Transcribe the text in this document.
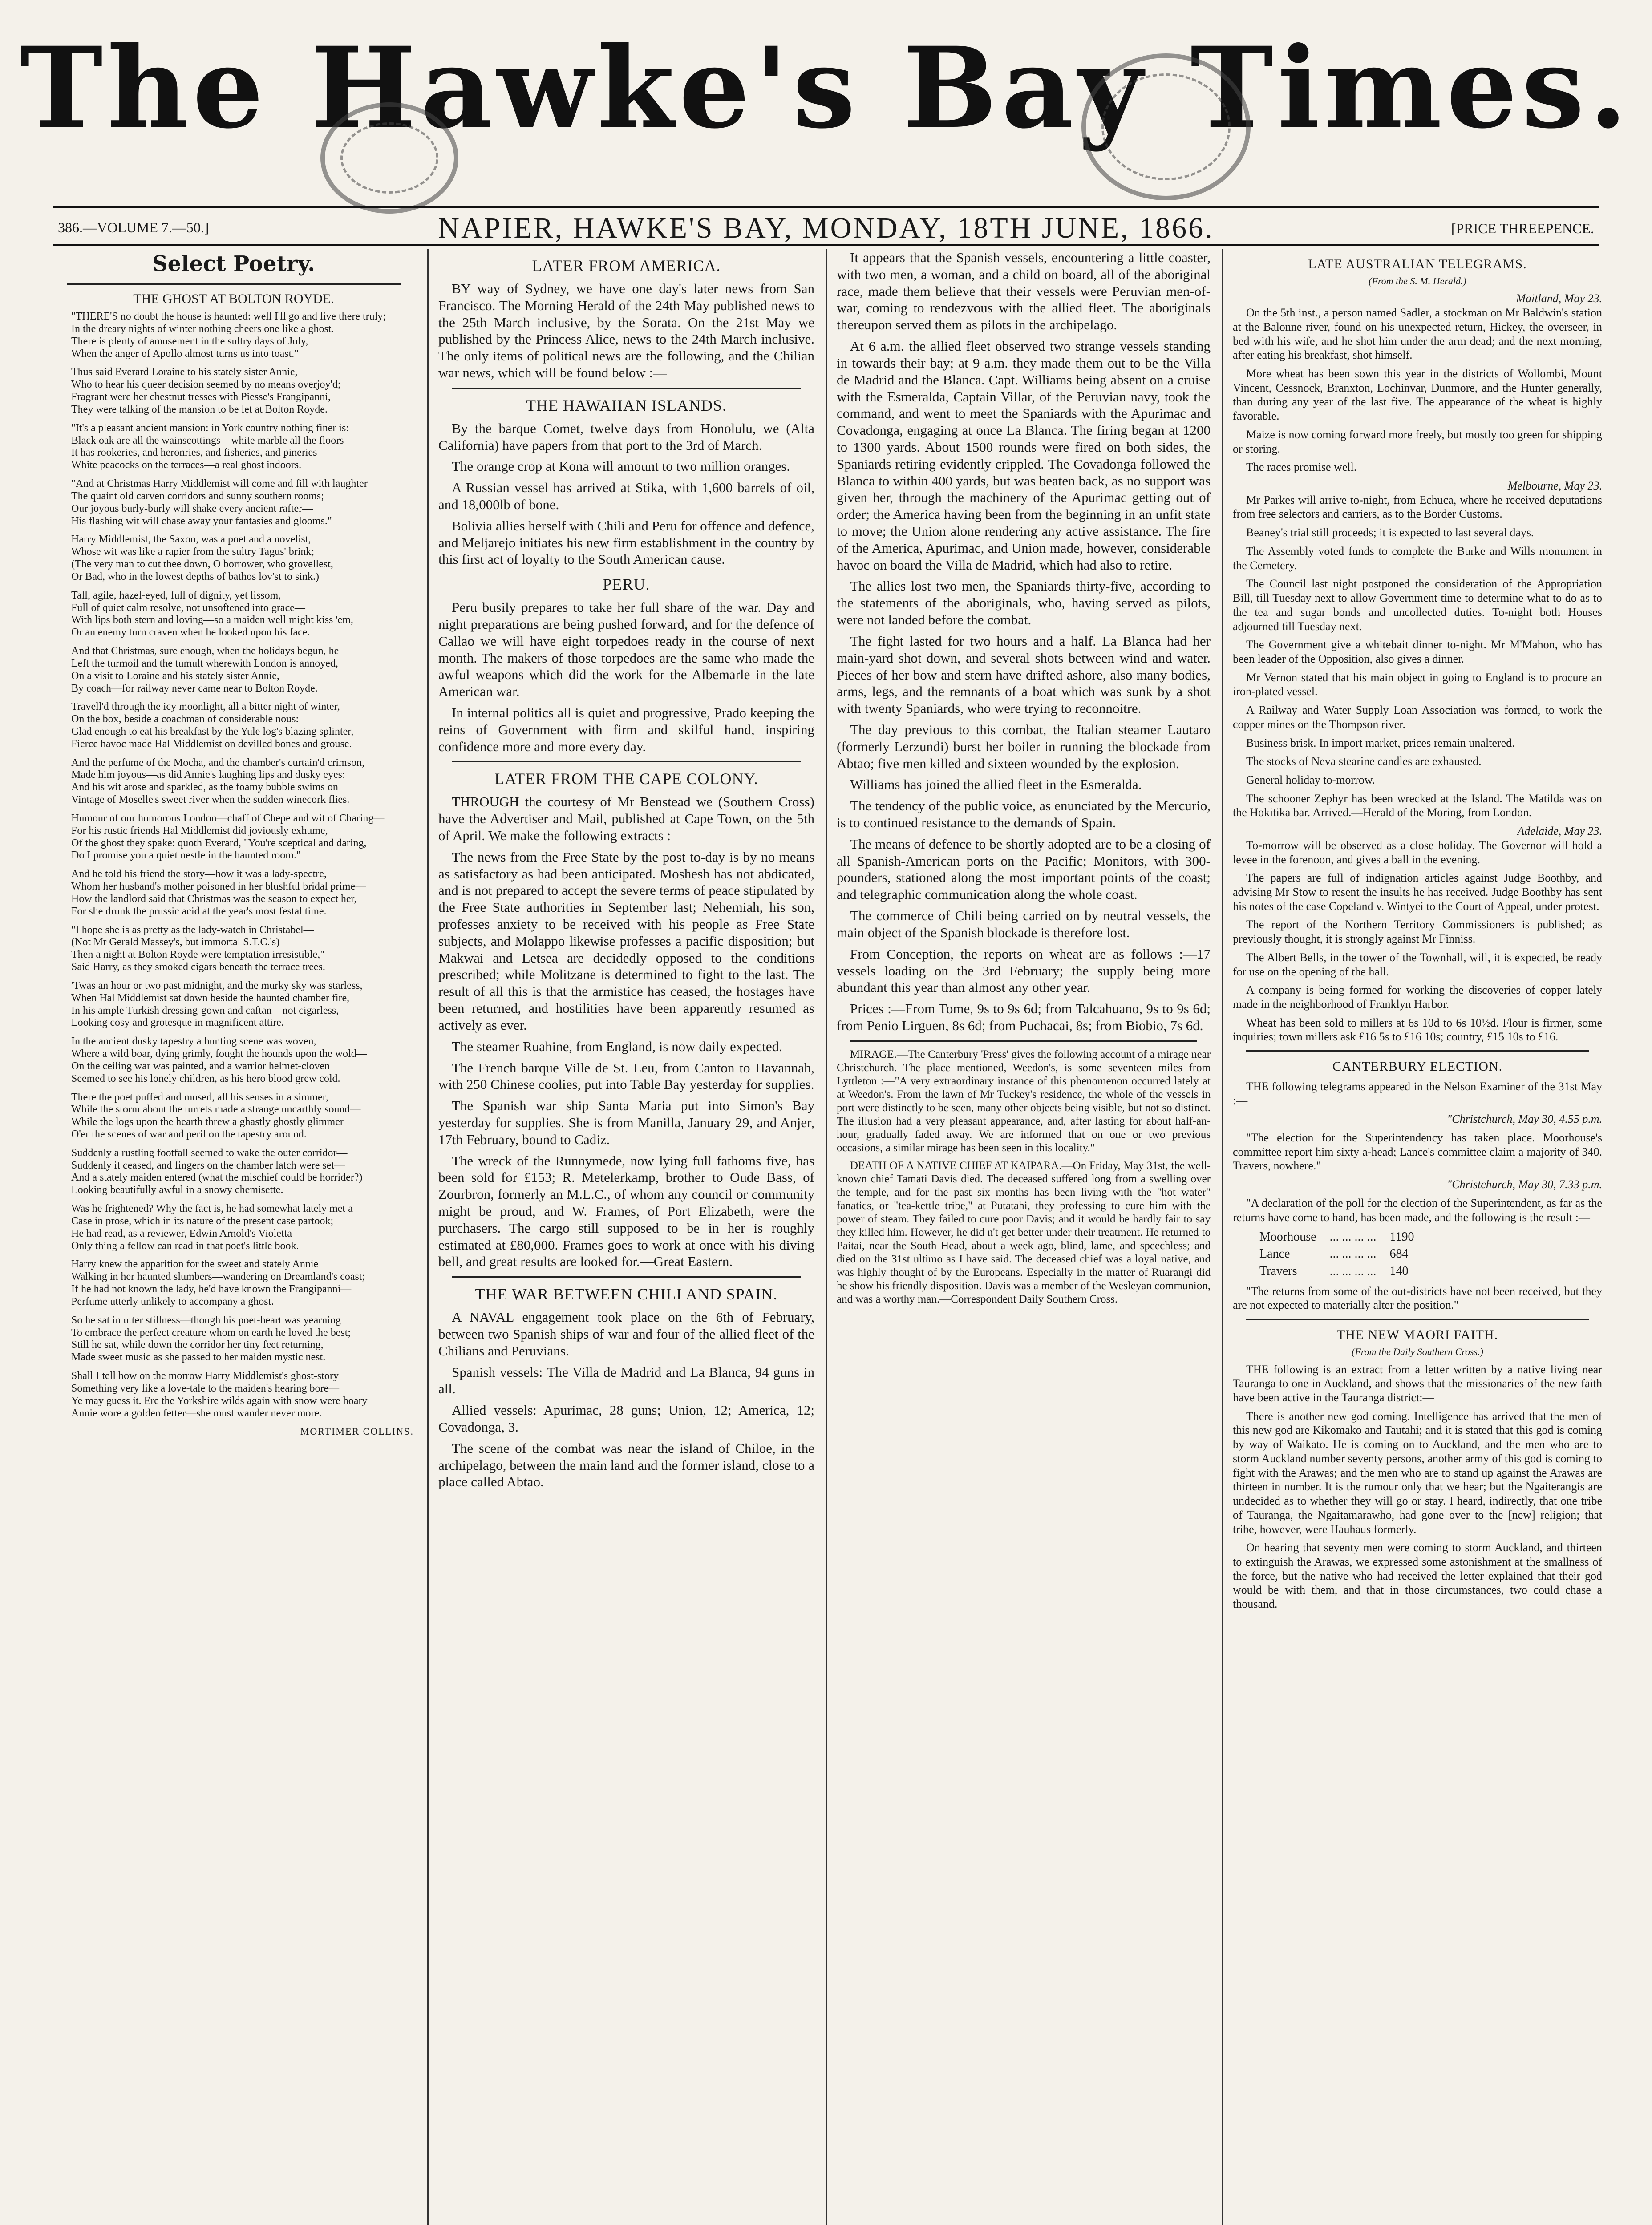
The Hawke's Bay Times.
386.—VOLUME 7.—50.]	NAPIER, HAWKE'S BAY, MONDAY, 18TH JUNE, 1866.	[PRICE THREEPENCE.
Select Poetry.
THE GHOST AT BOLTON ROYDE.
"THERE'S no doubt the house is haunted: well I'll go and live there truly;
In the dreary nights of winter nothing cheers one like a ghost.
There is plenty of amusement in the sultry days of July,
When the anger of Apollo almost turns us into toast."
Thus said Everard Loraine to his stately sister Annie,
Who to hear his queer decision seemed by no means overjoy'd;
Fragrant were her chestnut tresses with Piesse's Frangipanni,
They were talking of the mansion to be let at Bolton Royde.
"It's a pleasant ancient mansion: in York country nothing finer is:
Black oak are all the wainscottings—white marble all the floors—
It has rookeries, and heronries, and fisheries, and pineries—
White peacocks on the terraces—a real ghost indoors.
"And at Christmas Harry Middlemist will come and fill with laughter
The quaint old carven corridors and sunny southern rooms;
Our joyous burly-burly will shake every ancient rafter—
His flashing wit will chase away your fantasies and glooms."
Harry Middlemist, the Saxon, was a poet and a novelist,
Whose wit was like a rapier from the sultry Tagus' brink;
(The very man to cut thee down, O borrower, who grovellest,
Or Bad, who in the lowest depths of bathos lov'st to sink.)
Tall, agile, hazel-eyed, full of dignity, yet lissom,
Full of quiet calm resolve, not unsoftened into grace—
With lips both stern and loving—so a maiden well might kiss 'em,
Or an enemy turn craven when he looked upon his face.
And that Christmas, sure enough, when the holidays begun, he
Left the turmoil and the tumult wherewith London is annoyed,
On a visit to Loraine and his stately sister Annie,
By coach—for railway never came near to Bolton Royde.
Travell'd through the icy moonlight, all a bitter night of winter,
On the box, beside a coachman of considerable nous:
Glad enough to eat his breakfast by the Yule log's blazing splinter,
Fierce havoc made Hal Middlemist on devilled bones and grouse.
And the perfume of the Mocha, and the chamber's curtain'd crimson,
Made him joyous—as did Annie's laughing lips and dusky eyes:
And his wit arose and sparkled, as the foamy bubble swims on
Vintage of Moselle's sweet river when the sudden winecork flies.
Humour of our humorous London—chaff of Chepe and wit of Charing—
For his rustic friends Hal Middlemist did joviously exhume,
Of the ghost they spake: quoth Everard, "You're sceptical and daring,
Do I promise you a quiet nestle in the haunted room."
And he told his friend the story—how it was a lady-spectre,
Whom her husband's mother poisoned in her blushful bridal prime—
How the landlord said that Christmas was the season to expect her,
For she drunk the prussic acid at the year's most festal time.
"I hope she is as pretty as the lady-watch in Christabel—
(Not Mr Gerald Massey's, but immortal S.T.C.'s)
Then a night at Bolton Royde were temptation irresistible,"
Said Harry, as they smoked cigars beneath the terrace trees.
'Twas an hour or two past midnight, and the murky sky was starless,
When Hal Middlemist sat down beside the haunted chamber fire,
In his ample Turkish dressing-gown and caftan—not cigarless,
Looking cosy and grotesque in magnificent attire.
In the ancient dusky tapestry a hunting scene was woven,
Where a wild boar, dying grimly, fought the hounds upon the wold—
On the ceiling war was painted, and a warrior helmet-cloven
Seemed to see his lonely children, as his hero blood grew cold.
There the poet puffed and mused, all his senses in a simmer,
While the storm about the turrets made a strange uncarthly sound—
While the logs upon the hearth threw a ghastly ghostly glimmer
O'er the scenes of war and peril on the tapestry around.
Suddenly a rustling footfall seemed to wake the outer corridor—
Suddenly it ceased, and fingers on the chamber latch were set—
And a stately maiden entered (what the mischief could be horrider?)
Looking beautifully awful in a snowy chemisette.
Was he frightened? Why the fact is, he had somewhat lately met a
Case in prose, which in its nature of the present case partook;
He had read, as a reviewer, Edwin Arnold's Violetta—
Only thing a fellow can read in that poet's little book.
Harry knew the apparition for the sweet and stately Annie
Walking in her haunted slumbers—wandering on Dreamland's coast;
If he had not known the lady, he'd have known the Frangipanni—
Perfume utterly unlikely to accompany a ghost.
So he sat in utter stillness—though his poet-heart was yearning
To embrace the perfect creature whom on earth he loved the best;
Still he sat, while down the corridor her tiny feet returning,
Made sweet music as she passed to her maiden mystic nest.
Shall I tell how on the morrow Harry Middlemist's ghost-story
Something very like a love-tale to the maiden's hearing bore—
Ye may guess it. Ere the Yorkshire wilds again with snow were hoary
Annie wore a golden fetter—she must wander never more.
MORTIMER COLLINS.
LATER FROM AMERICA.
BY way of Sydney, we have one day's later news from San Francisco. The Morning Herald of the 24th May published news to the 25th March inclusive, by the Sorata. On the 21st May we published by the Princess Alice, news to the 24th March inclusive. The only items of political news are the following, and the Chilian war news, which will be found below :—
THE HAWAIIAN ISLANDS.
By the barque Comet, twelve days from Honolulu, we (Alta California) have papers from that port to the 3rd of March.
The orange crop at Kona will amount to two million oranges.
A Russian vessel has arrived at Stika, with 1,600 barrels of oil, and 18,000lb of bone.
Bolivia allies herself with Chili and Peru for offence and defence, and Meljarejo initiates his new firm establishment in the country by this first act of loyalty to the South American cause.
PERU.
Peru busily prepares to take her full share of the war. Day and night preparations are being pushed forward, and for the defence of Callao we will have eight torpedoes ready in the course of next month. The makers of those torpedoes are the same who made the awful weapons which did the work for the Albemarle in the late American war.
In internal politics all is quiet and progressive, Prado keeping the reins of Government with firm and skilful hand, inspiring confidence more and more every day.
LATER FROM THE CAPE COLONY.
THROUGH the courtesy of Mr Benstead we (Southern Cross) have the Advertiser and Mail, published at Cape Town, on the 5th of April. We make the following extracts :—
The news from the Free State by the post to-day is by no means as satisfactory as had been anticipated. Moshesh has not abdicated, and is not prepared to accept the severe terms of peace stipulated by the Free State authorities in September last; Nehemiah, his son, professes anxiety to be received with his people as Free State subjects, and Molappo likewise professes a pacific disposition; but Makwai and Letsea are decidedly opposed to the conditions prescribed; while Molitzane is determined to fight to the last. The result of all this is that the armistice has ceased, the hostages have been returned, and hostilities have been apparently resumed as actively as ever.
The steamer Ruahine, from England, is now daily expected.
The French barque Ville de St. Leu, from Canton to Havannah, with 250 Chinese coolies, put into Table Bay yesterday for supplies.
The Spanish war ship Santa Maria put into Simon's Bay yesterday for supplies. She is from Manilla, January 29, and Anjer, 17th February, bound to Cadiz.
The wreck of the Runnymede, now lying full fathoms five, has been sold for £153; R. Metelerkamp, brother to Oude Bass, of Zourbron, formerly an M.L.C., of whom any council or community might be proud, and W. Frames, of Port Elizabeth, were the purchasers. The cargo still supposed to be in her is roughly estimated at £80,000. Frames goes to work at once with his diving bell, and great results are looked for.—Great Eastern.
THE WAR BETWEEN CHILI AND SPAIN.
A NAVAL engagement took place on the 6th of February, between two Spanish ships of war and four of the allied fleet of the Chilians and Peruvians.
Spanish vessels: The Villa de Madrid and La Blanca, 94 guns in all.
Allied vessels: Apurimac, 28 guns; Union, 12; America, 12; Covadonga, 3.
The scene of the combat was near the island of Chiloe, in the archipelago, between the main land and the former island, close to a place called Abtao.
It appears that the Spanish vessels, encountering a little coaster, with two men, a woman, and a child on board, all of the aboriginal race, made them believe that their vessels were Peruvian men-of-war, coming to rendezvous with the allied fleet. The aboriginals thereupon served them as pilots in the archipelago.
At 6 a.m. the allied fleet observed two strange vessels standing in towards their bay; at 9 a.m. they made them out to be the Villa de Madrid and the Blanca. Capt. Williams being absent on a cruise with the Esmeralda, Captain Villar, of the Peruvian navy, took the command, and went to meet the Spaniards with the Apurimac and Covadonga, engaging at once La Blanca. The firing began at 1200 to 1300 yards. About 1500 rounds were fired on both sides, the Spaniards retiring evidently crippled. The Covadonga followed the Blanca to within 400 yards, but was beaten back, as no support was given her, through the machinery of the Apurimac getting out of order; the America having been from the beginning in an unfit state to move; the Union alone rendering any active assistance. The fire of the America, Apurimac, and Union made, however, considerable havoc on board the Villa de Madrid, which had also to retire.
The allies lost two men, the Spaniards thirty-five, according to the statements of the aboriginals, who, having served as pilots, were not landed before the combat.
The fight lasted for two hours and a half. La Blanca had her main-yard shot down, and several shots between wind and water. Pieces of her bow and stern have drifted ashore, also many bodies, arms, legs, and the remnants of a boat which was sunk by a shot with twenty Spaniards, who were trying to reconnoitre.
The day previous to this combat, the Italian steamer Lautaro (formerly Lerzundi) burst her boiler in running the blockade from Abtao; five men killed and sixteen wounded by the explosion.
Williams has joined the allied fleet in the Esmeralda.
The tendency of the public voice, as enunciated by the Mercurio, is to continued resistance to the demands of Spain.
The means of defence to be shortly adopted are to be a closing of all Spanish-American ports on the Pacific; Monitors, with 300-pounders, stationed along the most important points of the coast; and telegraphic communication along the whole coast.
The commerce of Chili being carried on by neutral vessels, the main object of the Spanish blockade is therefore lost.
From Conception, the reports on wheat are as follows :—17 vessels loading on the 3rd February; the supply being more abundant this year than almost any other year.
Prices :—From Tome, 9s to 9s 6d; from Talcahuano, 9s to 9s 6d; from Penio Lirguen, 8s 6d; from Puchacai, 8s; from Biobio, 7s 6d.
MIRAGE.—The Canterbury 'Press' gives the following account of a mirage near Christchurch. The place mentioned, Weedon's, is some seventeen miles from Lyttleton :—"A very extraordinary instance of this phenomenon occurred lately at at Weedon's. From the lawn of Mr Tuckey's residence, the whole of the vessels in port were distinctly to be seen, many other objects being visible, but not so distinct. The illusion had a very pleasant appearance, and, after lasting for about half-an-hour, gradually faded away. We are informed that on one or two previous occasions, a similar mirage has been seen in this locality."
DEATH OF A NATIVE CHIEF AT KAIPARA.—On Friday, May 31st, the well-known chief Tamati Davis died. The deceased suffered long from a swelling over the temple, and for the past six months has been living with the "hot water" fanatics, or "tea-kettle tribe," at Putatahi, they professing to cure him with the power of steam. They failed to cure poor Davis; and it would be hardly fair to say they killed him. However, he did n't get better under their treatment. He returned to Paitai, near the South Head, about a week ago, blind, lame, and speechless; and died on the 31st ultimo as I have said. The deceased chief was a loyal native, and was highly thought of by the Europeans. Especially in the matter of Ruarangi did he show his friendly disposition. Davis was a member of the Wesleyan communion, and was a worthy man.—Correspondent Daily Southern Cross.
LATE AUSTRALIAN TELEGRAMS.
(From the S. M. Herald.)
Maitland, May 23.
On the 5th inst., a person named Sadler, a stockman on Mr Baldwin's station at the Balonne river, found on his unexpected return, Hickey, the overseer, in bed with his wife, and he shot him under the arm dead; and the next morning, after eating his breakfast, shot himself.
More wheat has been sown this year in the districts of Wollombi, Mount Vincent, Cessnock, Branxton, Lochinvar, Dunmore, and the Hunter generally, than during any year of the last five. The appearance of the wheat is highly favorable.
Maize is now coming forward more freely, but mostly too green for shipping or storing.
The races promise well.
Melbourne, May 23.
Mr Parkes will arrive to-night, from Echuca, where he received deputations from free selectors and carriers, as to the Border Customs.
Beaney's trial still proceeds; it is expected to last several days.
The Assembly voted funds to complete the Burke and Wills monument in the Cemetery.
The Council last night postponed the consideration of the Appropriation Bill, till Tuesday next to allow Government time to determine what to do as to the tea and sugar bonds and uncollected duties. To-night both Houses adjourned till Tuesday next.
The Government give a whitebait dinner to-night. Mr M'Mahon, who has been leader of the Opposition, also gives a dinner.
Mr Vernon stated that his main object in going to England is to procure an iron-plated vessel.
A Railway and Water Supply Loan Association was formed, to work the copper mines on the Thompson river.
Business brisk. In import market, prices remain unaltered.
The stocks of Neva stearine candles are exhausted.
General holiday to-morrow.
The schooner Zephyr has been wrecked at the Island. The Matilda was on the Hokitika bar. Arrived.—Herald of the Moring, from London.
Adelaide, May 23.
To-morrow will be observed as a close holiday. The Governor will hold a levee in the forenoon, and gives a ball in the evening.
The papers are full of indignation articles against Judge Boothby, and advising Mr Stow to resent the insults he has received. Judge Boothby has sent his notes of the case Copeland v. Wintyei to the Court of Appeal, under protest.
The report of the Northern Territory Commissioners is published; as previously thought, it is strongly against Mr Finniss.
The Albert Bells, in the tower of the Townhall, will, it is expected, be ready for use on the opening of the hall.
A company is being formed for working the discoveries of copper lately made in the neighborhood of Franklyn Harbor.
Wheat has been sold to millers at 6s 10d to 6s 10½d. Flour is firmer, some inquiries; town millers ask £16 5s to £16 10s; country, £15 10s to £16.
CANTERBURY ELECTION.
THE following telegrams appeared in the Nelson Examiner of the 31st May :—
"Christchurch, May 30, 4.55 p.m.
"The election for the Superintendency has taken place. Moorhouse's committee report him sixty a-head; Lance's committee claim a majority of 340. Travers, nowhere."
"Christchurch, May 30, 7.33 p.m.
"A declaration of the poll for the election of the Superintendent, as far as the returns have come to hand, has been made, and the following is the result :—
Moorhouse	... ... ... ...	1190
Lance	... ... ... ...	684
Travers	... ... ... ...	140
"The returns from some of the out-districts have not been received, but they are not expected to materially alter the position."
THE NEW MAORI FAITH.
(From the Daily Southern Cross.)
THE following is an extract from a letter written by a native living near Tauranga to one in Auckland, and shows that the missionaries of the new faith have been active in the Tauranga district:—
There is another new god coming. Intelligence has arrived that the men of this new god are Kikomako and Tautahi; and it is stated that this god is coming by way of Waikato. He is coming on to Auckland, and the men who are to storm Auckland number seventy persons, another army of this god is coming to fight with the Arawas; and the men who are to stand up against the Arawas are thirteen in number. It is the rumour only that we hear; but the Ngaiterangis are undecided as to whether they will go or stay. I heard, indirectly, that one tribe of Tauranga, the Ngaitamarawho, had gone over to the [new] religion; that tribe, however, were Hauhaus formerly.
On hearing that seventy men were coming to storm Auckland, and thirteen to extinguish the Arawas, we expressed some astonishment at the smallness of the force, but the native who had received the letter explained that their god would be with them, and that in those circumstances, two could chase a thousand.
